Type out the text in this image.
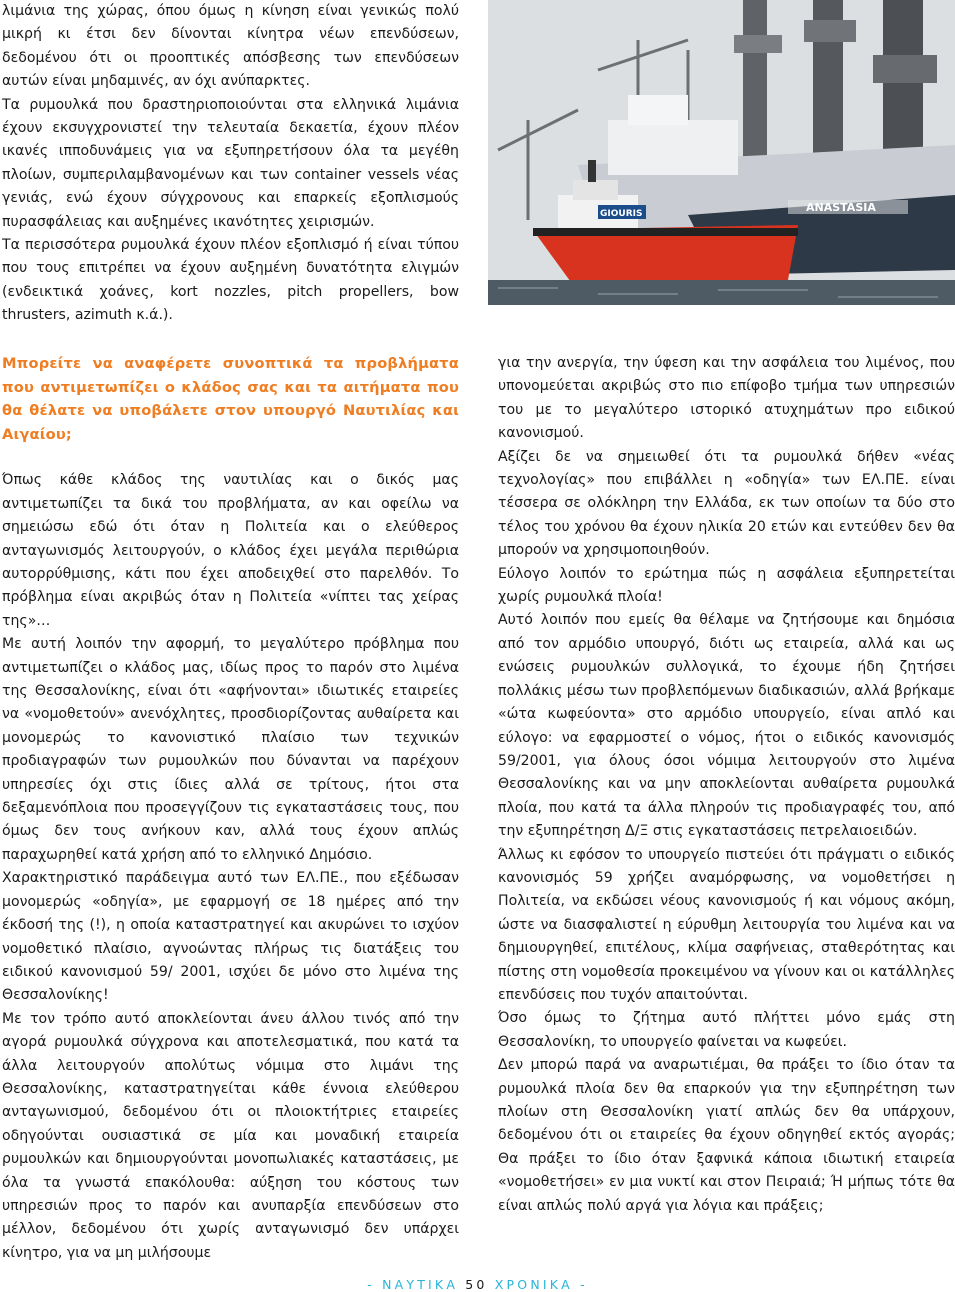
λιμάνια της χώρας, όπου όμως η κίνηση είναι γενικώς πολύ μικρή κι έτσι δεν δίνονται κίνητρα νέων επενδύσεων, δεδομένου ότι οι προοπτικές απόσβεσης των επενδύσεων αυτών είναι μηδαμινές, αν όχι ανύπαρκτες.

Τα ρυμουλκά που δραστηριοποιούνται στα ελληνικά λιμάνια έχουν εκσυγχρονιστεί την τελευταία δεκαετία, έχουν πλέον ικανές ιπποδυνάμεις για να εξυπηρετήσουν όλα τα μεγέθη πλοίων, συμπεριλαμβανομένων και των container vessels νέας γενιάς, ενώ έχουν σύγχρονους και επαρκείς εξοπλισμούς πυρασφάλειας και αυξημένες ικανότητες χειρισμών.

Τα περισσότερα ρυμουλκά έχουν πλέον εξοπλισμό ή είναι τύπου που τους επιτρέπει να έχουν αυξημένη δυνατότητα ελιγμών (ενδεικτικά χοάνες, kort nozzles, pitch propellers, bow thrusters, azimuth κ.ά.).

ANASTASIA
GIOURIS

Μπορείτε να αναφέρετε συνοπτικά τα προβλήματα που αντιμετωπίζει ο κλάδος σας και τα αιτήματα που θα θέλατε να υποβάλετε στον υπουργό Ναυτιλίας και Αιγαίου;

Όπως κάθε κλάδος της ναυτιλίας και ο δικός μας αντιμετωπίζει τα δικά του προβλήματα, αν και οφείλω να σημειώσω εδώ ότι όταν η Πολιτεία και ο ελεύθερος ανταγωνισμός λειτουργούν, ο κλάδος έχει μεγάλα περιθώρια αυτορρύθμισης, κάτι που έχει αποδειχθεί στο παρελθόν. Το πρόβλημα είναι ακριβώς όταν η Πολιτεία «νίπτει τας χείρας της»…

Με αυτή λοιπόν την αφορμή, το μεγαλύτερο πρόβλημα που αντιμετωπίζει ο κλάδος μας, ιδίως προς το παρόν στο λιμένα της Θεσσαλονίκης, είναι ότι «αφήνονται» ιδιωτικές εταιρείες να «νομοθετούν» ανενόχλητες, προσδιορίζοντας αυθαίρετα και μονομερώς το κανονιστικό πλαίσιο των τεχνικών προδιαγραφών των ρυμουλκών που δύνανται να παρέχουν υπηρεσίες όχι στις ίδιες αλλά σε τρίτους, ήτοι στα δεξαμενόπλοια που προσεγγίζουν τις εγκαταστάσεις τους, που όμως δεν τους ανήκουν καν, αλλά τους έχουν απλώς παραχωρηθεί κατά χρήση από το ελληνικό Δημόσιο.

Χαρακτηριστικό παράδειγμα αυτό των ΕΛ.ΠΕ., που εξέδωσαν μονομερώς «οδηγία», με εφαρμογή σε 18 ημέρες από την έκδοσή της (!), η οποία καταστρατηγεί και ακυρώνει το ισχύον νομοθετικό πλαίσιο, αγνοώντας πλήρως τις διατάξεις του ειδικού κανονισμού 59/ 2001, ισχύει δε μόνο στο λιμένα της Θεσσαλονίκης!

Με τον τρόπο αυτό αποκλείονται άνευ άλλου τινός από την αγορά ρυμουλκά σύγχρονα και αποτελεσματικά, που κατά τα άλλα λειτουργούν απολύτως νόμιμα στο λιμάνι της Θεσσαλονίκης, καταστρατηγείται κάθε έννοια ελεύθερου ανταγωνισμού, δεδομένου ότι οι πλοιοκτήτριες εταιρείες οδηγούνται ουσιαστικά σε μία και μοναδική εταιρεία ρυμουλκών και δημιουργούνται μονοπωλιακές καταστάσεις, με όλα τα γνωστά επακόλουθα: αύξηση του κόστους των υπηρεσιών προς το παρόν και ανυπαρξία επενδύσεων στο μέλλον, δεδομένου ότι χωρίς ανταγωνισμό δεν υπάρχει κίνητρο, για να μη μιλήσουμε

για την ανεργία, την ύφεση και την ασφάλεια του λιμένος, που υπονομεύεται ακριβώς στο πιο επίφοβο τμήμα των υπηρεσιών του με το μεγαλύτερο ιστορικό ατυχημάτων προ ειδικού κανονισμού.

Αξίζει δε να σημειωθεί ότι τα ρυμουλκά δήθεν «νέας τεχνολογίας» που επιβάλλει η «οδηγία» των ΕΛ.ΠΕ. είναι τέσσερα σε ολόκληρη την Ελλάδα, εκ των οποίων τα δύο στο τέλος του χρόνου θα έχουν ηλικία 20 ετών και εντεύθεν δεν θα μπορούν να χρησιμοποιηθούν.

Εύλογο λοιπόν το ερώτημα πώς η ασφάλεια εξυπηρετείται χωρίς ρυμουλκά πλοία!

Αυτό λοιπόν που εμείς θα θέλαμε να ζητήσουμε και δημόσια από τον αρμόδιο υπουργό, διότι ως εταιρεία, αλλά και ως ενώσεις ρυμουλκών συλλογικά, το έχουμε ήδη ζητήσει πολλάκις μέσω των προβλεπόμενων διαδικασιών, αλλά βρήκαμε «ώτα κωφεύοντα» στο αρμόδιο υπουργείο, είναι απλό και εύλογο: να εφαρμοστεί ο νόμος, ήτοι ο ειδικός κανονισμός 59/2001, για όλους όσοι νόμιμα λειτουργούν στο λιμένα Θεσσαλονίκης και να μην αποκλείονται αυθαίρετα ρυμουλκά πλοία, που κατά τα άλλα πληρούν τις προδιαγραφές του, από την εξυπηρέτηση Δ/Ξ στις εγκαταστάσεις πετρελαιοειδών.

Άλλως κι εφόσον το υπουργείο πιστεύει ότι πράγματι ο ειδικός κανονισμός 59 χρήζει αναμόρφωσης, να νομοθετήσει η Πολιτεία, να εκδώσει νέους κανονισμούς ή και νόμους ακόμη, ώστε να διασφαλιστεί η εύρυθμη λειτουργία του λιμένα και να δημιουργηθεί, επιτέλους, κλίμα σαφήνειας, σταθερότητας και πίστης στη νομοθεσία προκειμένου να γίνουν και οι κατάλληλες επενδύσεις που τυχόν απαιτούνται.

Όσο όμως το ζήτημα αυτό πλήττει μόνο εμάς στη Θεσσαλονίκη, το υπουργείο φαίνεται να κωφεύει.

Δεν μπορώ παρά να αναρωτιέμαι, θα πράξει το ίδιο όταν τα ρυμουλκά πλοία δεν θα επαρκούν για την εξυπηρέτηση των πλοίων στη Θεσσαλονίκη γιατί απλώς δεν θα υπάρχουν, δεδομένου ότι οι εταιρείες θα έχουν οδηγηθεί εκτός αγοράς; Θα πράξει το ίδιο όταν ξαφνικά κάποια ιδιωτική εταιρεία «νομοθετήσει» εν μια νυκτί και στον Πειραιά; Ή μήπως τότε θα είναι απλώς πολύ αργά για λόγια και πράξεις;

- ΝΑΥΤΙΚΑ 50 ΧΡΟΝΙΚΑ -
